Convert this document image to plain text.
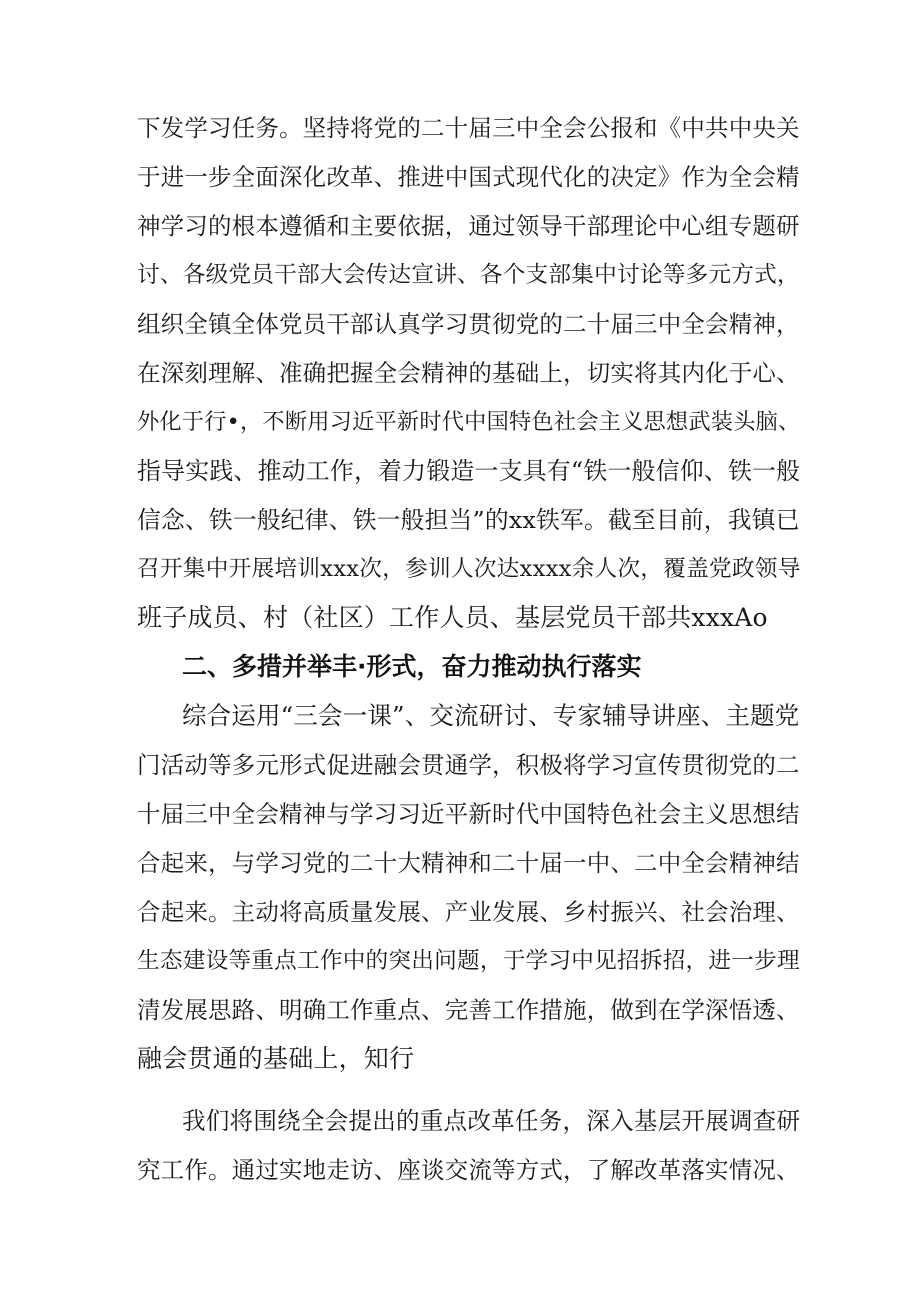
下发学习任务。坚持将党的二十届三中全会公报和《中共中央关
于进一步全面深化改革、推进中国式现代化的决定》作为全会精
神学习的根本遵循和主要依据，通过领导干部理论中心组专题研
讨、各级党员干部大会传达宣讲、各个支部集中讨论等多元方式，
组织全镇全体党员干部认真学习贯彻党的二十届三中全会精神，
在深刻理解、准确把握全会精神的基础上，切实将其内化于心、
外化于行•，不断用习近平新时代中国特色社会主义思想武装头脑、
指导实践、推动工作，着力锻造一支具有“铁一般信仰、铁一般
信念、铁一般纪律、铁一般担当”的xx铁军。截至目前，我镇已
召开集中开展培训xxx次，参训人次达xxxx余人次，覆盖党政领导
班子成员、村（社区）工作人员、基层党员干部共xxxAo
二、多措并举丰·形式，奋力推动执行落实
综合运用“三会一课”、交流研讨、专家辅导讲座、主题党
门活动等多元形式促进融会贯通学，积极将学习宣传贯彻党的二
十届三中全会精神与学习习近平新时代中国特色社会主义思想结
合起来，与学习党的二十大精神和二十届一中、二中全会精神结
合起来。主动将高质量发展、产业发展、乡村振兴、社会治理、
生态建设等重点工作中的突出问题，于学习中见招拆招，进一步理
清发展思路、明确工作重点、完善工作措施，做到在学深悟透、
融会贯通的基础上，知行
我们将围绕全会提出的重点改革任务，深入基层开展调查研
究工作。通过实地走访、座谈交流等方式，了解改革落实情况、
